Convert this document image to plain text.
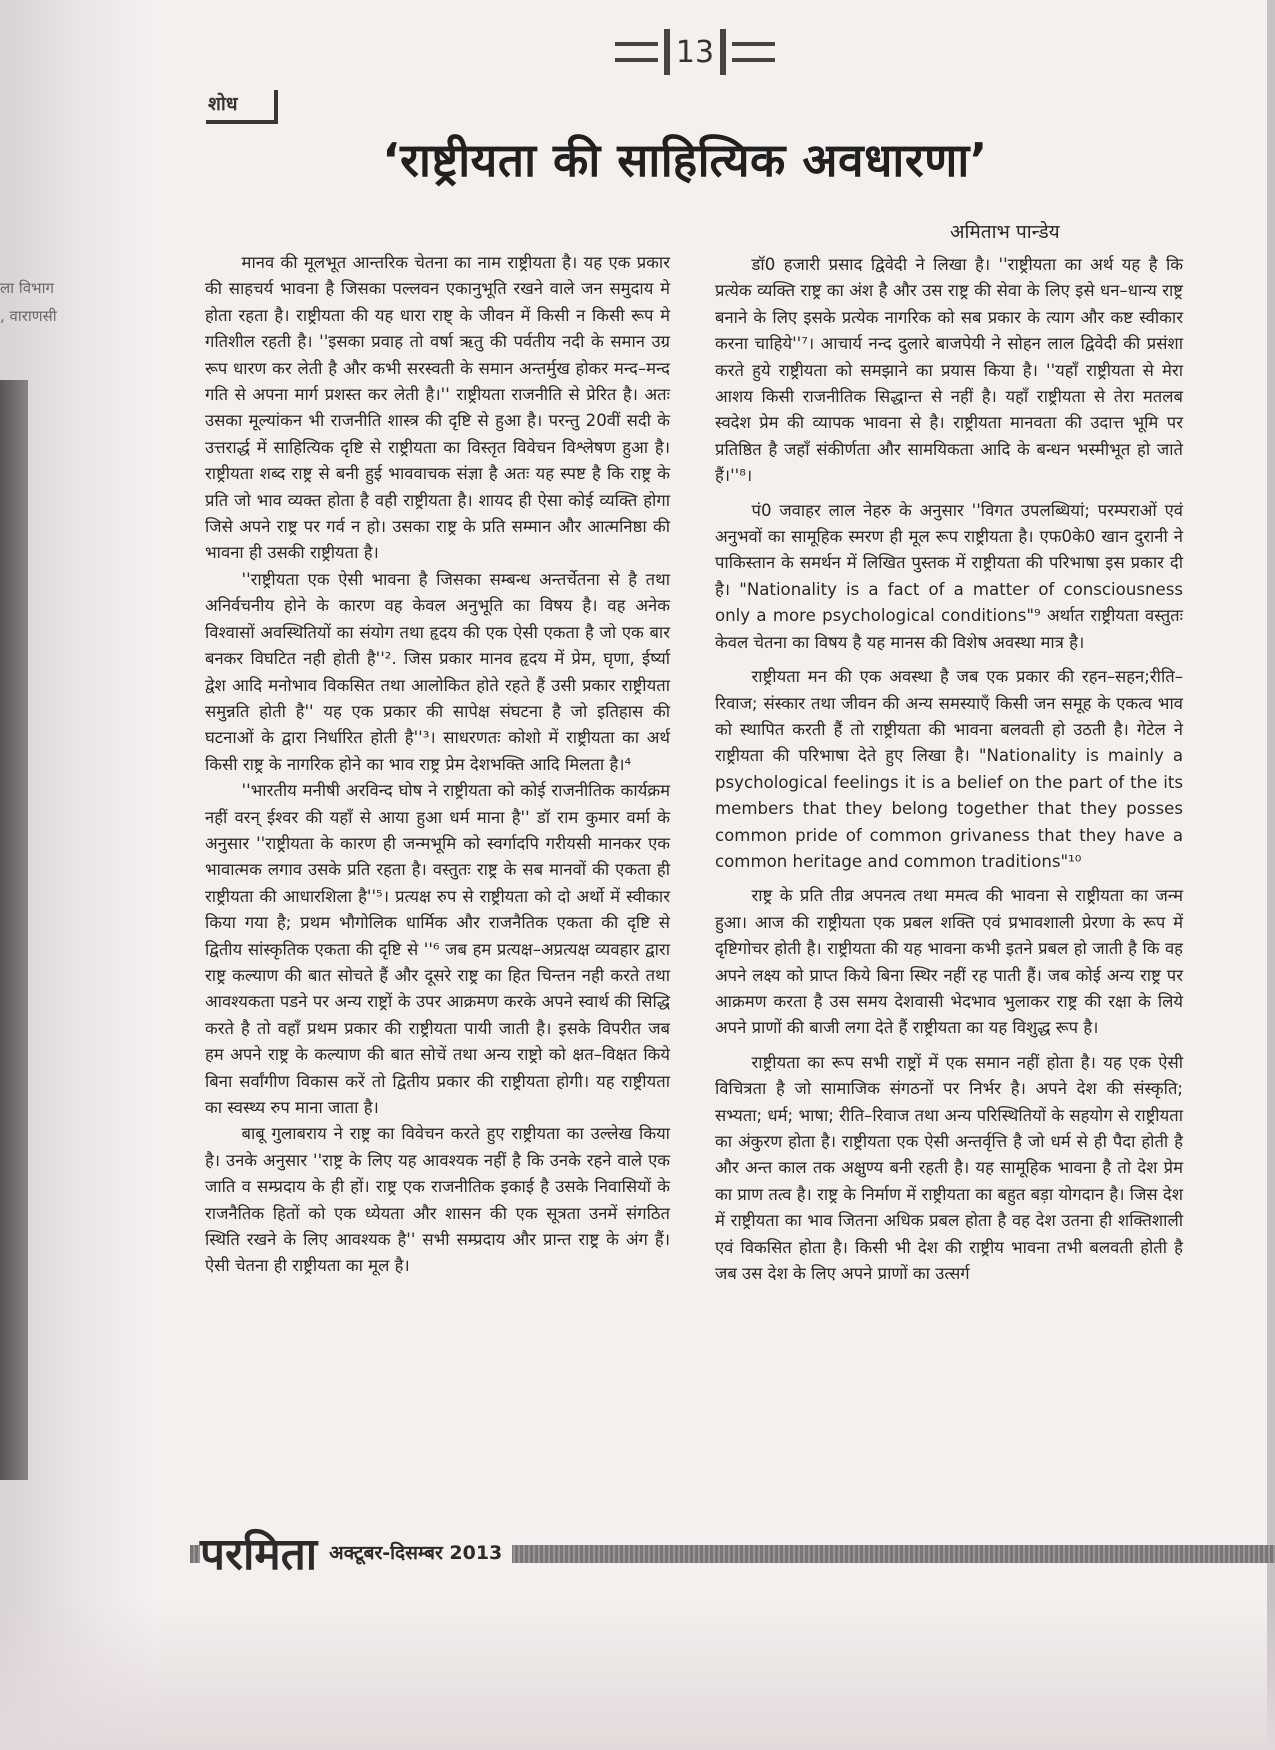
ला विभाग
, वाराणसी
13
शोध
‘राष्ट्रीयता की साहित्यिक अवधारणा’
अमिताभ पान्डेय

मानव की मूलभूत आन्तरिक चेतना का नाम राष्ट्रीयता है। यह एक प्रकार की साहचर्य भावना है जिसका पल्लवन एकानुभूति रखने वाले जन समुदाय मे होता रहता है। राष्ट्रीयता की यह धारा राष्ट् के जीवन में किसी न किसी रूप मे गतिशील रहती है। ''इसका प्रवाह तो वर्षा ऋतु की पर्वतीय नदी के समान उग्र रूप धारण कर लेती है और कभी सरस्वती के समान अन्तर्मुख होकर मन्द–मन्द गति से अपना मार्ग प्रशस्त कर लेती है।'' राष्ट्रीयता राजनीति से प्रेरित है। अतः उसका मूल्यांकन भी राजनीति शास्त्र की दृष्टि से हुआ है। परन्तु 20वीं सदी के उत्तरार्द्ध में साहित्यिक दृष्टि से राष्ट्रीयता का विस्तृत विवेचन विश्लेषण हुआ है। राष्ट्रीयता शब्द राष्ट्र से बनी हुई भाववाचक संज्ञा है अतः यह स्पष्ट है कि राष्ट्र के प्रति जो भाव व्यक्त होता है वही राष्ट्रीयता है। शायद ही ऐसा कोई व्यक्ति होगा जिसे अपने राष्ट्र पर गर्व न हो। उसका राष्ट्र के प्रति सम्मान और आत्मनिष्ठा की भावना ही उसकी राष्ट्रीयता है।

''राष्ट्रीयता एक ऐसी भावना है जिसका सम्बन्ध अन्तर्चेतना से है तथा अनिर्वचनीय होने के कारण वह केवल अनुभूति का विषय है। वह अनेक विश्वासों अवस्थितियों का संयोग तथा हृदय की एक ऐसी एकता है जो एक बार बनकर विघटित नही होती है''². जिस प्रकार मानव हृदय में प्रेम, घृणा, ईर्ष्या द्वेश आदि मनोभाव विकसित तथा आलोकित होते रहते हैं उसी प्रकार राष्ट्रीयता समुन्नति होती है'' यह एक प्रकार की सापेक्ष संघटना है जो इतिहास की घटनाओं के द्वारा निर्धारित होती है''³। साधरणतः कोशो में राष्ट्रीयता का अर्थ किसी राष्ट्र के नागरिक होने का भाव राष्ट्र प्रेम देशभक्ति आदि मिलता है।⁴

''भारतीय मनीषी अरविन्द घोष ने राष्ट्रीयता को कोई राजनीतिक कार्यक्रम नहीं वरन् ईश्वर की यहाँ से आया हुआ धर्म माना है'' डॉ राम कुमार वर्मा के अनुसार ''राष्ट्रीयता के कारण ही जन्मभूमि को स्वर्गादपि गरीयसी मानकर एक भावात्मक लगाव उसके प्रति रहता है। वस्तुतः राष्ट्र के सब मानवों की एकता ही राष्ट्रीयता की आधारशिला है''⁵। प्रत्यक्ष रुप से राष्ट्रीयता को दो अर्थो में स्वीकार किया गया है; प्रथम भौगोलिक धार्मिक और राजनैतिक एकता की दृष्टि से द्वितीय सांस्कृतिक एकता की दृष्टि से ''⁶ जब हम प्रत्यक्ष–अप्रत्यक्ष व्यवहार द्वारा राष्ट्र कल्याण की बात सोचते हैं और दूसरे राष्ट्र का हित चिन्तन नही करते तथा आवश्यकता पडने पर अन्य राष्ट्रों के उपर आक्रमण करके अपने स्वार्थ की सिद्धि करते है तो वहाँ प्रथम प्रकार की राष्ट्रीयता पायी जाती है। इसके विपरीत जब हम अपने राष्ट्र के कल्याण की बात सोचें तथा अन्य राष्ट्रो को क्षत–विक्षत किये बिना सर्वांगीण विकास करें तो द्वितीय प्रकार की राष्ट्रीयता होगी। यह राष्ट्रीयता का स्वस्थ्य रुप माना जाता है।

बाबू गुलाबराय ने राष्ट्र का विवेचन करते हुए राष्ट्रीयता का उल्लेख किया है। उनके अनुसार ''राष्ट्र के लिए यह आवश्यक नहीं है कि उनके रहने वाले एक जाति व सम्प्रदाय के ही हों। राष्ट्र एक राजनीतिक इकाई है उसके निवासियों के राजनैतिक हितों को एक ध्येयता और शासन की एक सूत्रता उनमें संगठित स्थिति रखने के लिए आवश्यक है'' सभी सम्प्रदाय और प्रान्त राष्ट्र के अंग हैं। ऐसी चेतना ही राष्ट्रीयता का मूल है।

डॉ0 हजारी प्रसाद द्विवेदी ने लिखा है। ''राष्ट्रीयता का अर्थ यह है कि प्रत्येक व्यक्ति राष्ट्र का अंश है और उस राष्ट्र की सेवा के लिए इसे धन–धान्य राष्ट्र बनाने के लिए इसके प्रत्येक नागरिक को सब प्रकार के त्याग और कष्ट स्वीकार करना चाहिये''⁷। आचार्य नन्द दुलारे बाजपेयी ने सोहन लाल द्विवेदी की प्रसंशा करते हुये राष्ट्रीयता को समझाने का प्रयास किया है। ''यहाँ राष्ट्रीयता से मेरा आशय किसी राजनीतिक सिद्धान्त से नहीं है। यहाँ राष्ट्रीयता से तेरा मतलब स्वदेश प्रेम की व्यापक भावना से है। राष्ट्रीयता मानवता की उदात्त भूमि पर प्रतिष्ठित है जहाँ संकीर्णता और सामयिकता आदि के बन्धन भस्मीभूत हो जाते हैं।''⁸।

पं0 जवाहर लाल नेहरु के अनुसार ''विगत उपलब्धियां; परम्पराओं एवं अनुभवों का सामूहिक स्मरण ही मूल रूप राष्ट्रीयता है। एफ0के0 खान दुरानी ने पाकिस्तान के समर्थन में लिखित पुस्तक में राष्ट्रीयता की परिभाषा इस प्रकार दी है। "Nationality is a fact of a matter of consciousness only a more psychological conditions"⁹ अर्थात राष्ट्रीयता वस्तुतः केवल चेतना का विषय है यह मानस की विशेष अवस्था मात्र है।

राष्ट्रीयता मन की एक अवस्था है जब एक प्रकार की रहन–सहन;रीति–रिवाज; संस्कार तथा जीवन की अन्य समस्याएँ किसी जन समूह के एकत्व भाव को स्थापित करती हैं तो राष्ट्रीयता की भावना बलवती हो उठती है। गेटेल ने राष्ट्रीयता की परिभाषा देते हुए लिखा है। "Nationality is mainly a psychological feelings it is a belief on the part of the its members that they belong together that they posses common pride of common grivaness that they have a common heritage and common traditions"¹⁰

राष्ट्र के प्रति तीव्र अपनत्व तथा ममत्व की भावना से राष्ट्रीयता का जन्म हुआ। आज की राष्ट्रीयता एक प्रबल शक्ति एवं प्रभावशाली प्रेरणा के रूप में दृष्टिगोचर होती है। राष्ट्रीयता की यह भावना कभी इतने प्रबल हो जाती है कि वह अपने लक्ष्य को प्राप्त किये बिना स्थिर नहीं रह पाती हैं। जब कोई अन्य राष्ट्र पर आक्रमण करता है उस समय देशवासी भेदभाव भुलाकर राष्ट्र की रक्षा के लिये अपने प्राणों की बाजी लगा देते हैं राष्ट्रीयता का यह विशुद्ध रूप है।

राष्ट्रीयता का रूप सभी राष्ट्रों में एक समान नहीं होता है। यह एक ऐसी विचित्रता है जो सामाजिक संगठनों पर निर्भर है। अपने देश की संस्कृति; सभ्यता; धर्म; भाषा; रीति–रिवाज तथा अन्य परिस्थितियों के सहयोग से राष्ट्रीयता का अंकुरण होता है। राष्ट्रीयता एक ऐसी अन्तर्वृत्ति है जो धर्म से ही पैदा होती है और अन्त काल तक अक्षुण्य बनी रहती है। यह सामूहिक भावना है तो देश प्रेम का प्राण तत्व है। राष्ट्र के निर्माण में राष्ट्रीयता का बहुत बड़ा योगदान है। जिस देश में राष्ट्रीयता का भाव जितना अधिक प्रबल होता है वह देश उतना ही शक्तिशाली एवं विकसित होता है। किसी भी देश की राष्ट्रीय भावना तभी बलवती होती है जब उस देश के लिए अपने प्राणों का उत्सर्ग

परमिता अक्टूबर-दिसम्बर 2013
